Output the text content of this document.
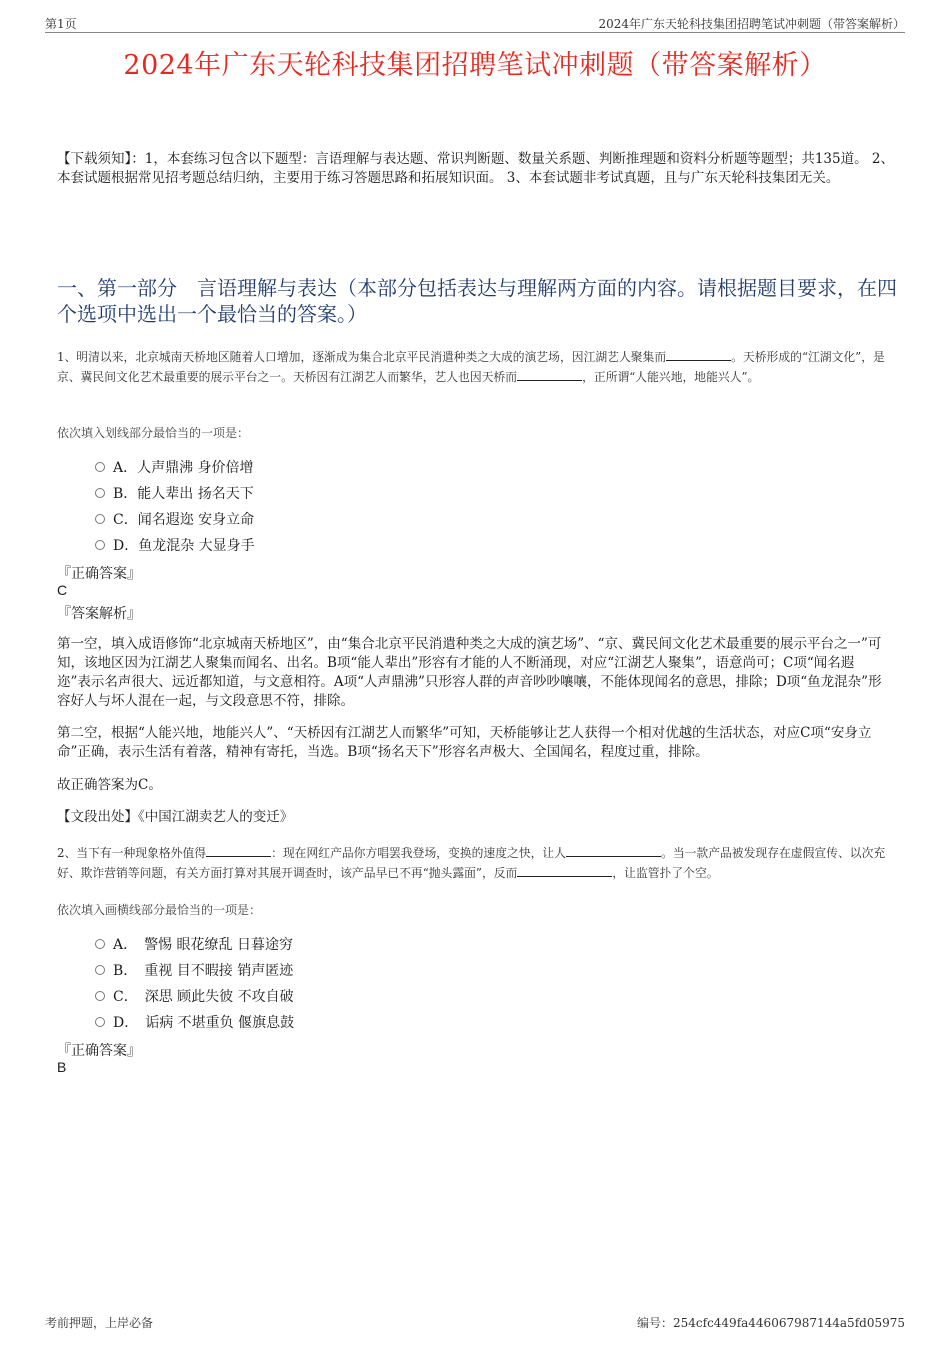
第1页	2024年广东天轮科技集团招聘笔试冲刺题（带答案解析）
2024年广东天轮科技集团招聘笔试冲刺题（带答案解析）
【下载须知】：1，本套练习包含以下题型：言语理解与表达题、常识判断题、数量关系题、判断推理题和资料分析题等题型；共135道。 2、本套试题根据常见招考题总结归纳，主要用于练习答题思路和拓展知识面。 3、本套试题非考试真题，且与广东天轮科技集团无关。
一、第一部分　言语理解与表达（本部分包括表达与理解两方面的内容。请根据题目要求，在四个选项中选出一个最恰当的答案。）
1、明清以来，北京城南天桥地区随着人口增加，逐渐成为集合北京平民消遣种类之大成的演艺场，因江湖艺人聚集而	。天桥形成的“江湖文化”，是京、冀民间文化艺术最重要的展示平台之一。天桥因有江湖艺人而繁华，艺人也因天桥而	，正所谓“人能兴地，地能兴人”。
依次填入划线部分最恰当的一项是：
A．人声鼎沸 身价倍增
B．能人辈出 扬名天下
C．闻名遐迩 安身立命
D．鱼龙混杂 大显身手
『正确答案』
C
『答案解析』
第一空，填入成语修饰“北京城南天桥地区”，由“集合北京平民消遣种类之大成的演艺场”、“京、冀民间文化艺术最重要的展示平台之一”可知，该地区因为江湖艺人聚集而闻名、出名。B项“能人辈出”形容有才能的人不断涌现，对应“江湖艺人聚集”，语意尚可；C项“闻名遐迩”表示名声很大、远近都知道，与文意相符。A项“人声鼎沸”只形容人群的声音吵吵嚷嚷，不能体现闻名的意思，排除；D项“鱼龙混杂”形容好人与坏人混在一起，与文段意思不符，排除。
第二空，根据“人能兴地，地能兴人”、“天桥因有江湖艺人而繁华”可知，天桥能够让艺人获得一个相对优越的生活状态，对应C项“安身立命”正确，表示生活有着落，精神有寄托，当选。B项“扬名天下”形容名声极大、全国闻名，程度过重，排除。
故正确答案为C。
【文段出处】《中国江湖卖艺人的变迁》
2、当下有一种现象格外值得	：现在网红产品你方唱罢我登场，变换的速度之快，让人	。当一款产品被发现存在虚假宣传、以次充好、欺诈营销等问题，有关方面打算对其展开调查时，该产品早已不再“抛头露面”，反而	，让监管扑了个空。
依次填入画横线部分最恰当的一项是：
A．　警惕 眼花缭乱 日暮途穷
B．　重视 目不暇接 销声匿迹
C．　深思 顾此失彼 不攻自破
D．　诟病 不堪重负 偃旗息鼓
『正确答案』
B
考前押题，上岸必备	编号：254cfc449fa446067987144a5fd05975
